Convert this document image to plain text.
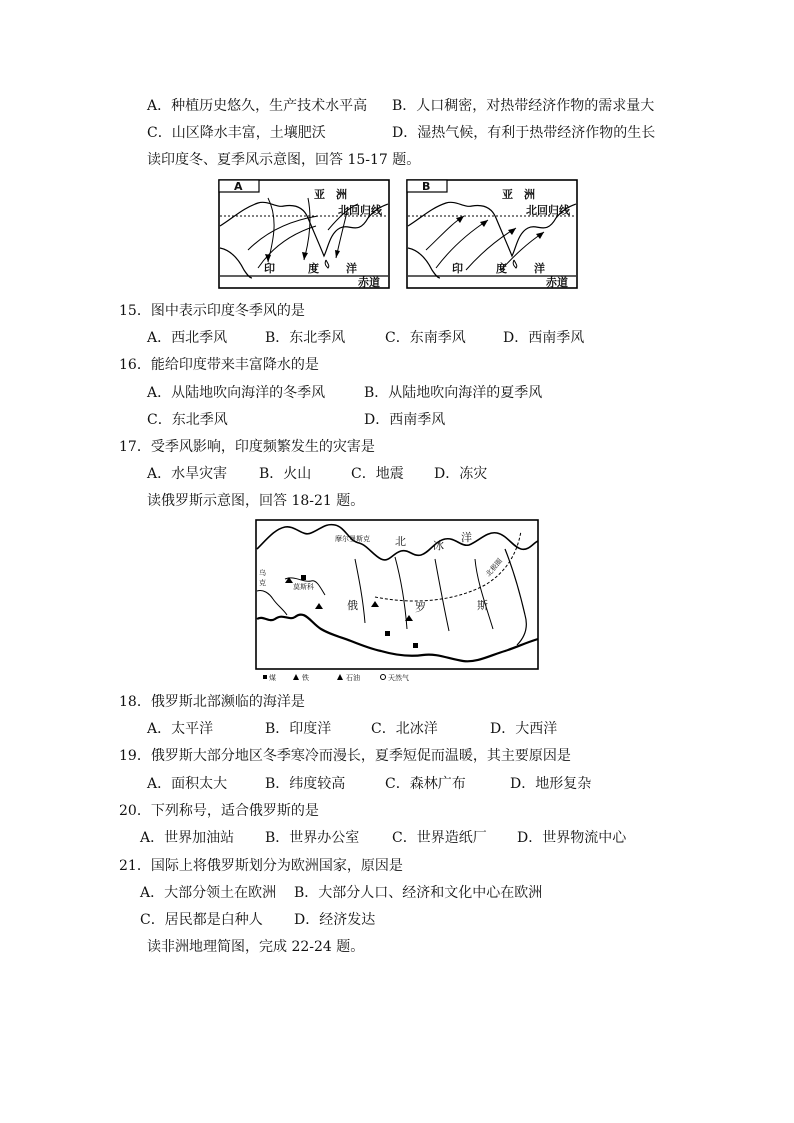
A．种植历史悠久，生产技术水平高 B．人口稠密，对热带经济作物的需求量大
C．山区降水丰富，土壤肥沃	D．湿热气候，有利于热带经济作物的生长
读印度冬、夏季风示意图，回答 15-17 题。
A
亚　洲
北回归线
印	度 洋
赤道
B
亚　洲
北回归线
印	度 洋
赤道
15．图中表示印度冬季风的是
A．西北季风	B．东北季风	C．东南季风	D．西南季风
16．能给印度带来丰富降水的是
A．从陆地吹向海洋的冬季风	B．从陆地吹向海洋的夏季风
C．东北季风	D．西南季风
17．受季风影响，印度频繁发生的灾害是
A．水旱灾害 B．火山	C．地震 D．冻灾
读俄罗斯示意图，回答 18-21 题。
摩尔曼斯克 北 冰
洋
莫斯科
乌
克
俄	罗	斯
北极圈
煤	铁	石油	天然气
18．俄罗斯北部濒临的海洋是
A．太平洋	B．印度洋	C．北冰洋	D．大西洋
19．俄罗斯大部分地区冬季寒冷而漫长，夏季短促而温暖，其主要原因是
A．面积太大	B．纬度较高	C．森林广布	D．地形复杂
20．下列称号，适合俄罗斯的是
A．世界加油站 B．世界办公室 C．世界造纸厂 D．世界物流中心
21．国际上将俄罗斯划分为欧洲国家，原因是
A．大部分领土在欧洲 B．大部分人口、经济和文化中心在欧洲
C．居民都是白种人 D．经济发达
读非洲地理简图，完成 22-24 题。
